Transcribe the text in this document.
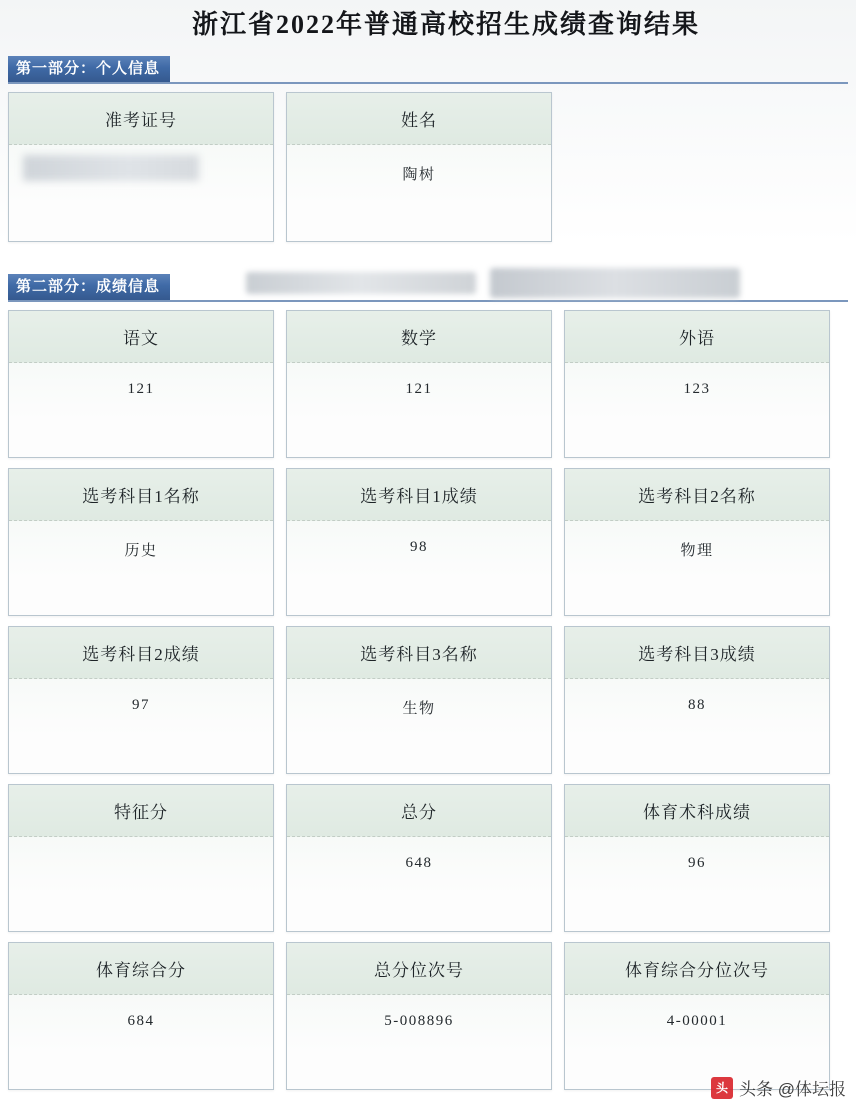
浙江省2022年普通高校招生成绩查询结果
第一部分：个人信息
准考证号	姓名
陶树
第二部分：成绩信息
语文
121
数学
121
外语
123
选考科目1名称
历史
选考科目1成绩
98
选考科目2名称
物理
选考科目2成绩
97
选考科目3名称
生物
选考科目3成绩
88
特征分	总分
648
体育术科成绩
96
体育综合分
684
总分位次号
5-008896
体育综合分位次号
4-00001
头 头条 @体坛报
